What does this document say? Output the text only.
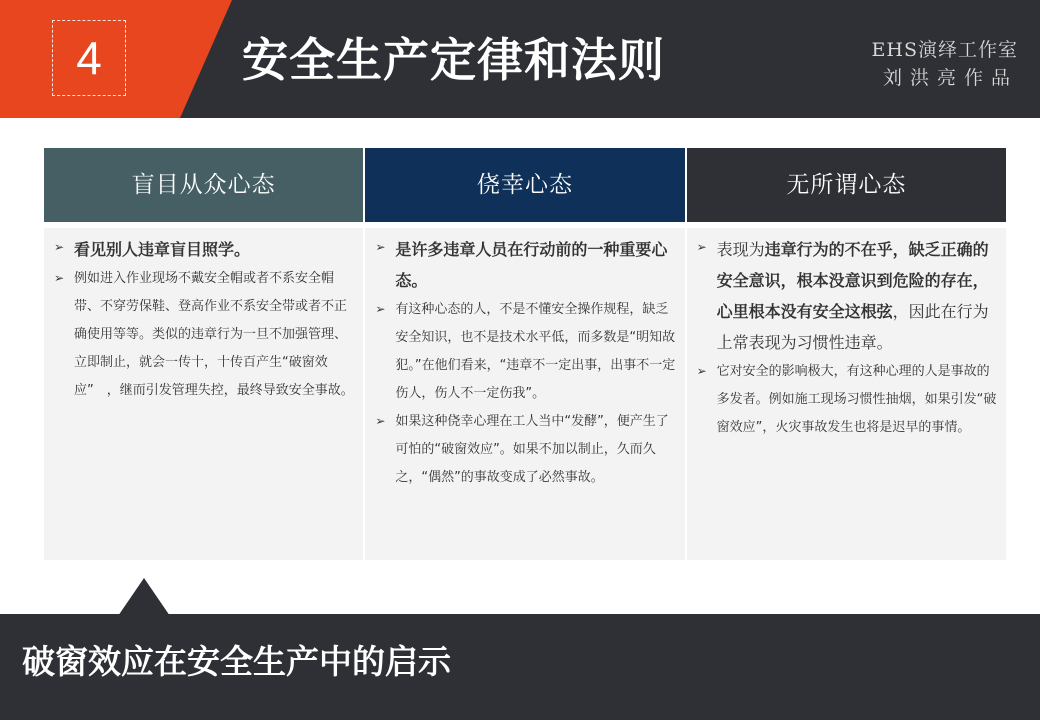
4	安全生产定律和法则	EHS演绎工作室
刘洪亮作品
盲目从众心态
➢ 看见别人违章盲目照学。
➢ 例如进入作业现场不戴安全帽或者不系安全帽带、不穿劳保鞋、登高作业不系安全带或者不正确使用等等。类似的违章行为一旦不加强管理、立即制止，就会一传十，十传百产生“破窗效应”　，继而引发管理失控，最终导致安全事故。
侥幸心态
➢ 是许多违章人员在行动前的一种重要心态。
➢ 有这种心态的人，不是不懂安全操作规程，缺乏安全知识，也不是技术水平低，而多数是“明知故犯。”在他们看来，“违章不一定出事，出事不一定伤人，伤人不一定伤我”。
➢ 如果这种侥幸心理在工人当中“发酵”，便产生了可怕的“破窗效应”。如果不加以制止，久而久之，“偶然”的事故变成了必然事故。
无所谓心态
➢ 表现为违章行为的不在乎，缺乏正确的安全意识，根本没意识到危险的存在，心里根本没有安全这根弦，因此在行为上常表现为习惯性违章。
➢ 它对安全的影响极大，有这种心理的人是事故的多发者。例如施工现场习惯性抽烟，如果引发“破窗效应”，火灾事故发生也将是迟早的事情。
破窗效应在安全生产中的启示
